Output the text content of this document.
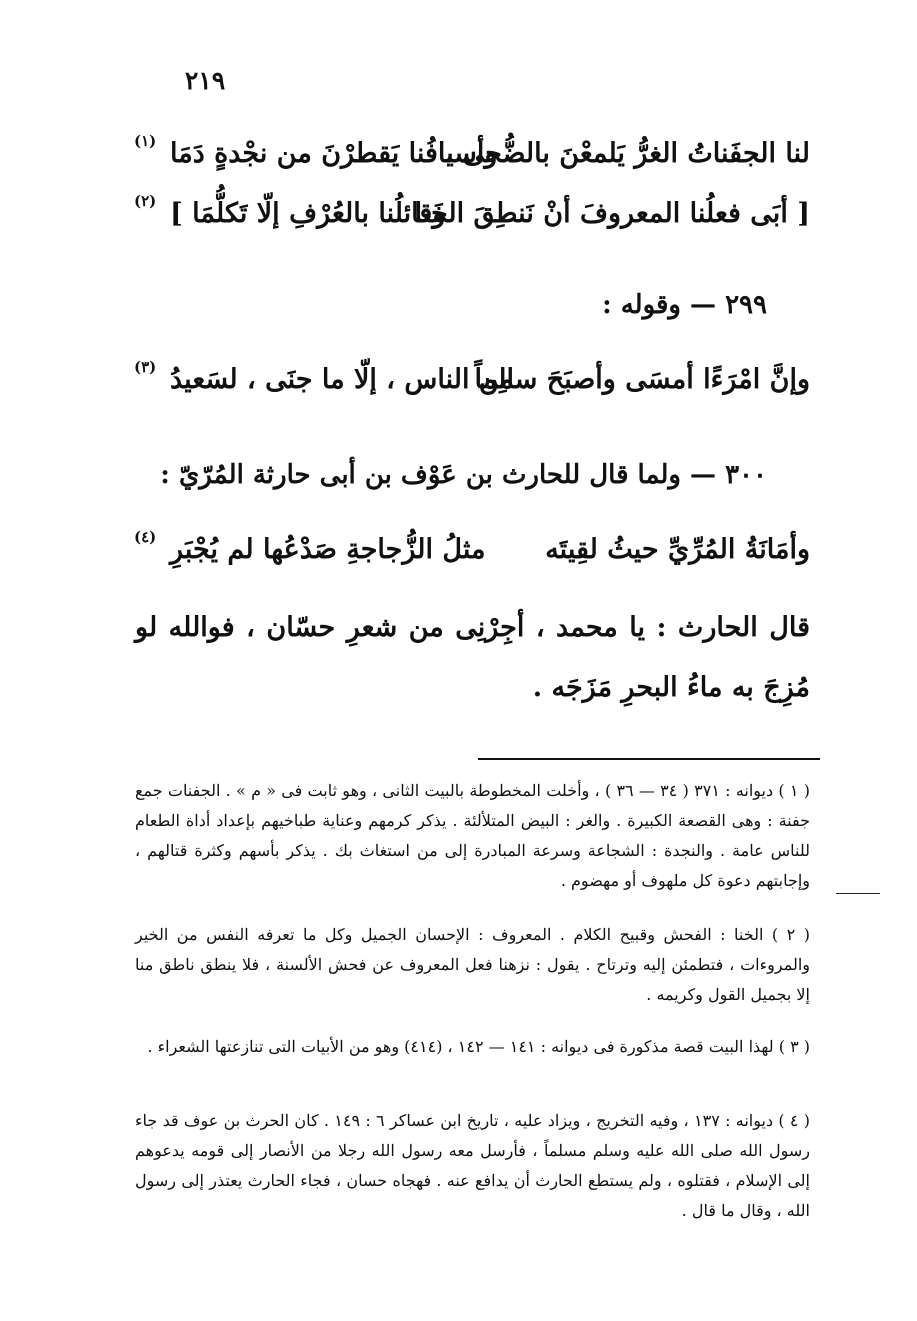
٢١٩
لنا الجفَناتُ الغرُّ يَلمعْنَ بالضُّحى ،
وأسيافُنا يَقطرْنَ من نجْدةٍ دَمَا
(١)
[ أبَى فعلُنا المعروفَ أنْ نَنطِقَ الخَنا
وقائلُنا بالعُرْفِ إلّا تَكلُّمَا ]
(٢)
٢٩٩ — وقوله :
وإنَّ امْرَءًا أمسَى وأصبَحَ سالِماً
من الناس ، إلّا ما جنَى ، لسَعيدُ
(٣)
٣٠٠ — ولما قال للحارث بن عَوْف بن أبى حارثة المُرّيّ :
وأمَانَةُ المُرِّيِّ حيثُ لقِيتَه
مثلُ الزُّجاجةِ صَدْعُها لم يُجْبَرِ
(٤)

قال الحارث : يا محمد ، أجِرْنِى من شعرِ حسّان ، فوالله لو مُزِجَ به ماءُ البحرِ مَزَجَه .

( ١ ) ديوانه : ٣٧١ ( ٣٤ — ٣٦ ) ، وأخلت المخطوطة بالبيت الثانى ، وهو ثابت فى « م » . الجفنات جمع جفنة : وهى القصعة الكبيرة . والغر : البيض المتلألئة . يذكر كرمهم وعناية طباخيهم بإعداد أداة الطعام للناس عامة . والنجدة : الشجاعة وسرعة المبادرة إلى من استغاث بك . يذكر بأسهم وكثرة قتالهم ، وإجابتهم دعوة كل ملهوف أو مهضوم .

( ٢ ) الخنا : الفحش وقبيح الكلام . المعروف : الإحسان الجميل وكل ما تعرفه النفس من الخير والمروءات ، فتطمئن إليه وترتاح . يقول : نزهنا فعل المعروف عن فحش الألسنة ، فلا ينطق ناطق منا إلا بجميل القول وكريمه .

( ٣ ) لهذا البيت قصة مذكورة فى ديوانه : ١٤١ — ١٤٢ ، (٤١٤) وهو من الأبيات التى تنازعتها الشعراء .

( ٤ ) ديوانه : ١٣٧ ، وفيه التخريج ، ويزاد عليه ، تاريخ ابن عساكر ٦ : ١٤٩ . كان الحرث بن عوف قد جاء رسول الله صلى الله عليه وسلم مسلماً ، فأرسل معه رسول الله رجلا من الأنصار إلى قومه يدعوهم إلى الإسلام ، فقتلوه ، ولم يستطع الحارث أن يدافع عنه . فهجاه حسان ، فجاء الحارث يعتذر إلى رسول الله ، وقال ما قال .
